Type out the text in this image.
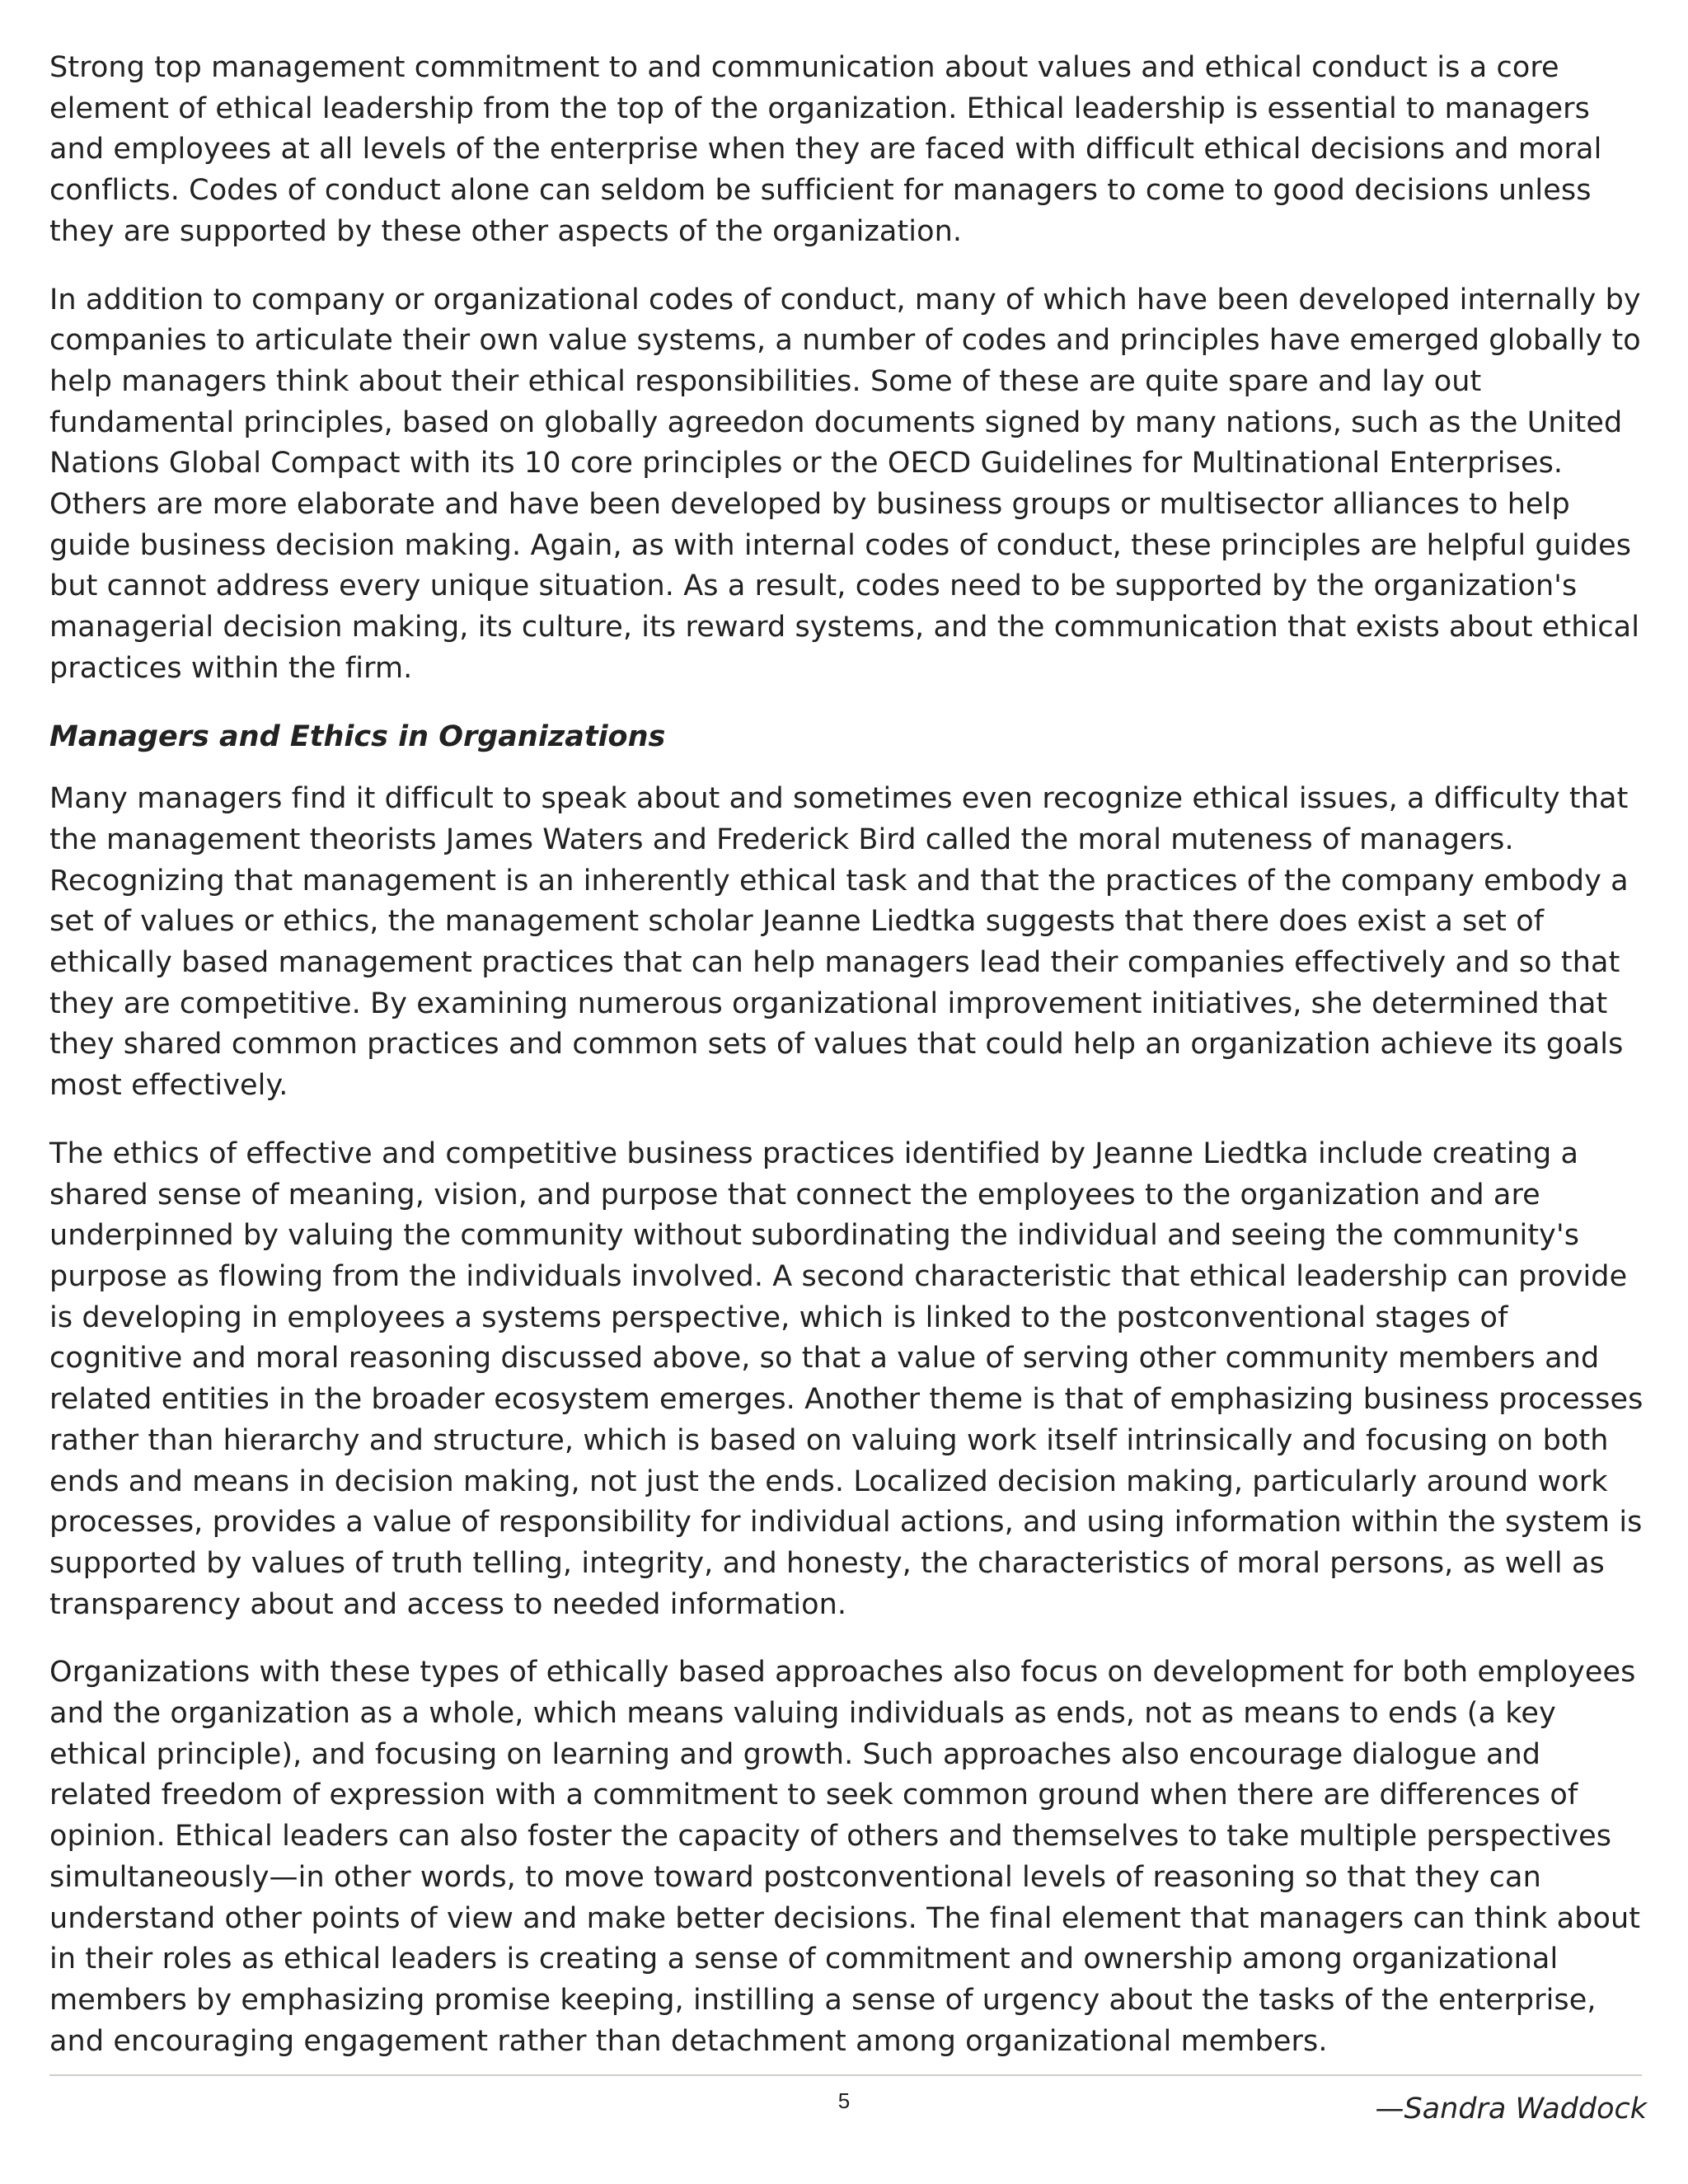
Strong top management commitment to and communication about values and ethical conduct is a core element of ethical leadership from the top of the organization. Ethical leadership is essential to managers and employees at all levels of the enterprise when they are faced with difficult ethical decisions and moral conflicts. Codes of conduct alone can seldom be sufficient for managers to come to good decisions unless they are supported by these other aspects of the organization.

In addition to company or organizational codes of conduct, many of which have been developed internally by companies to articulate their own value systems, a number of codes and principles have emerged globally to help managers think about their ethical responsibilities. Some of these are quite spare and lay out fundamental principles, based on globally agreedon documents signed by many nations, such as the United Nations Global Compact with its 10 core principles or the OECD Guidelines for Multinational Enterprises. Others are more elaborate and have been developed by business groups or multisector alliances to help guide business decision making. Again, as with internal codes of conduct, these principles are helpful guides but cannot address every unique situation. As a result, codes need to be supported by the organization's managerial decision making, its culture, its reward systems, and the communication that exists about ethical practices within the firm.

Managers and Ethics in Organizations

Many managers find it difficult to speak about and sometimes even recognize ethical issues, a difficulty that the management theorists James Waters and Frederick Bird called the moral muteness of managers. Recognizing that management is an inherently ethical task and that the practices of the company embody a set of values or ethics, the management scholar Jeanne Liedtka suggests that there does exist a set of ethically based management practices that can help managers lead their companies effectively and so that they are competitive. By examining numerous organizational improvement initiatives, she determined that they shared common practices and common sets of values that could help an organization achieve its goals most effectively.

The ethics of effective and competitive business practices identified by Jeanne Liedtka include creating a shared sense of meaning, vision, and purpose that connect the employees to the organization and are underpinned by valuing the community without subordinating the individual and seeing the community's purpose as flowing from the individuals involved. A second characteristic that ethical leadership can provide is developing in employees a systems perspective, which is linked to the postconventional stages of cognitive and moral reasoning discussed above, so that a value of serving other community members and related entities in the broader ecosystem emerges. Another theme is that of emphasizing business processes rather than hierarchy and structure, which is based on valuing work itself intrinsically and focusing on both ends and means in decision making, not just the ends. Localized decision making, particularly around work processes, provides a value of responsibility for individual actions, and using information within the system is supported by values of truth telling, integrity, and honesty, the characteristics of moral persons, as well as transparency about and access to needed information.

Organizations with these types of ethically based approaches also focus on development for both employees and the organization as a whole, which means valuing individuals as ends, not as means to ends (a key ethical principle), and focusing on learning and growth. Such approaches also encourage dialogue and related freedom of expression with a commitment to seek common ground when there are differences of opinion. Ethical leaders can also foster the capacity of others and themselves to take multiple perspectives simultaneously—in other words, to move toward postconventional levels of reasoning so that they can understand other points of view and make better decisions. The final element that managers can think about in their roles as ethical leaders is creating a sense of commitment and ownership among organizational members by emphasizing promise keeping, instilling a sense of urgency about the tasks of the enterprise, and encouraging engagement rather than detachment among organizational members.

—Sandra Waddock

5
